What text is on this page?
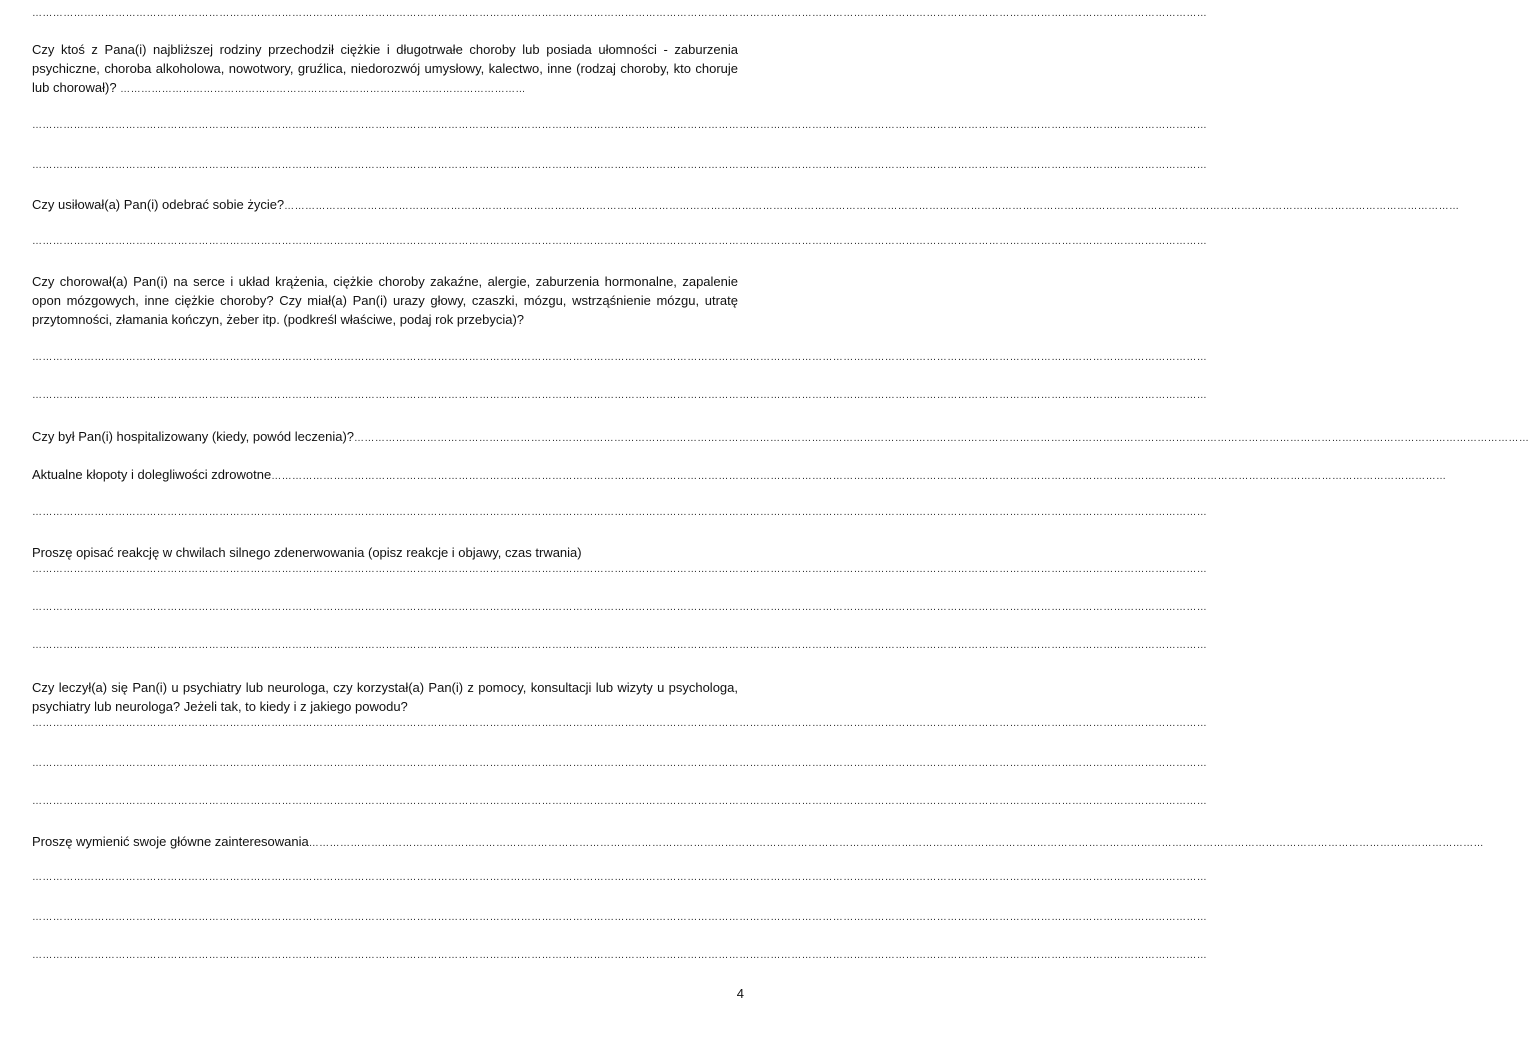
……………………………………………………………………………………………………………………………………………………………………………………………………………………………………………………………………………………………………………
Czy ktoś z Pana(i) najbliższej rodziny przechodził ciężkie i długotrwałe choroby lub posiada ułomności - zaburzenia psychiczne, choroba alkoholowa, nowotwory, gruźlica, niedorozwój umysłowy, kalectwo, inne (rodzaj choroby, kto choruje lub chorował)? ………………………………………………………………………………………………………
……………………………………………………………………………………………………………………………………………………………………………………………………………………………………………………………………………………………………………
……………………………………………………………………………………………………………………………………………………………………………………………………………………………………………………………………………………………………………
Czy usiłował(a) Pan(i) odebrać sobie życie? ……………………………………………………………………………………………………………………………………………………………………………………………………………………………………………………………………………………………………………
……………………………………………………………………………………………………………………………………………………………………………………………………………………………………………………………………………………………………………
Czy chorował(a) Pan(i) na serce i układ krążenia, ciężkie choroby zakaźne, alergie, zaburzenia hormonalne, zapalenie opon mózgowych, inne ciężkie choroby? Czy miał(a) Pan(i) urazy głowy, czaszki, mózgu, wstrząśnienie mózgu, utratę przytomności, złamania kończyn, żeber itp. (podkreśl właściwe, podaj rok przebycia)?
……………………………………………………………………………………………………………………………………………………………………………………………………………………………………………………………………………………………………………
……………………………………………………………………………………………………………………………………………………………………………………………………………………………………………………………………………………………………………
Czy był Pan(i) hospitalizowany (kiedy, powód leczenia)? ……………………………………………………………………………………………………………………………………………………………………………………………………………………………………………………………………………………………………………
Aktualne kłopoty i dolegliwości zdrowotne ……………………………………………………………………………………………………………………………………………………………………………………………………………………………………………………………………………………………………………
……………………………………………………………………………………………………………………………………………………………………………………………………………………………………………………………………………………………………………
Proszę opisać reakcję w chwilach silnego zdenerwowania (opisz reakcje i objawy, czas trwania)
……………………………………………………………………………………………………………………………………………………………………………………………………………………………………………………………………………………………………………
……………………………………………………………………………………………………………………………………………………………………………………………………………………………………………………………………………………………………………
……………………………………………………………………………………………………………………………………………………………………………………………………………………………………………………………………………………………………………
Czy leczył(a) się Pan(i) u psychiatry lub neurologa, czy korzystał(a) Pan(i) z pomocy, konsultacji lub wizyty u psychologa, psychiatry lub neurologa? Jeżeli tak, to kiedy i z jakiego powodu?
……………………………………………………………………………………………………………………………………………………………………………………………………………………………………………………………………………………………………………
……………………………………………………………………………………………………………………………………………………………………………………………………………………………………………………………………………………………………………
……………………………………………………………………………………………………………………………………………………………………………………………………………………………………………………………………………………………………………
Proszę wymienić swoje główne zainteresowania ……………………………………………………………………………………………………………………………………………………………………………………………………………………………………………………………………………………………………………
……………………………………………………………………………………………………………………………………………………………………………………………………………………………………………………………………………………………………………
……………………………………………………………………………………………………………………………………………………………………………………………………………………………………………………………………………………………………………
……………………………………………………………………………………………………………………………………………………………………………………………………………………………………………………………………………………………………………
4
